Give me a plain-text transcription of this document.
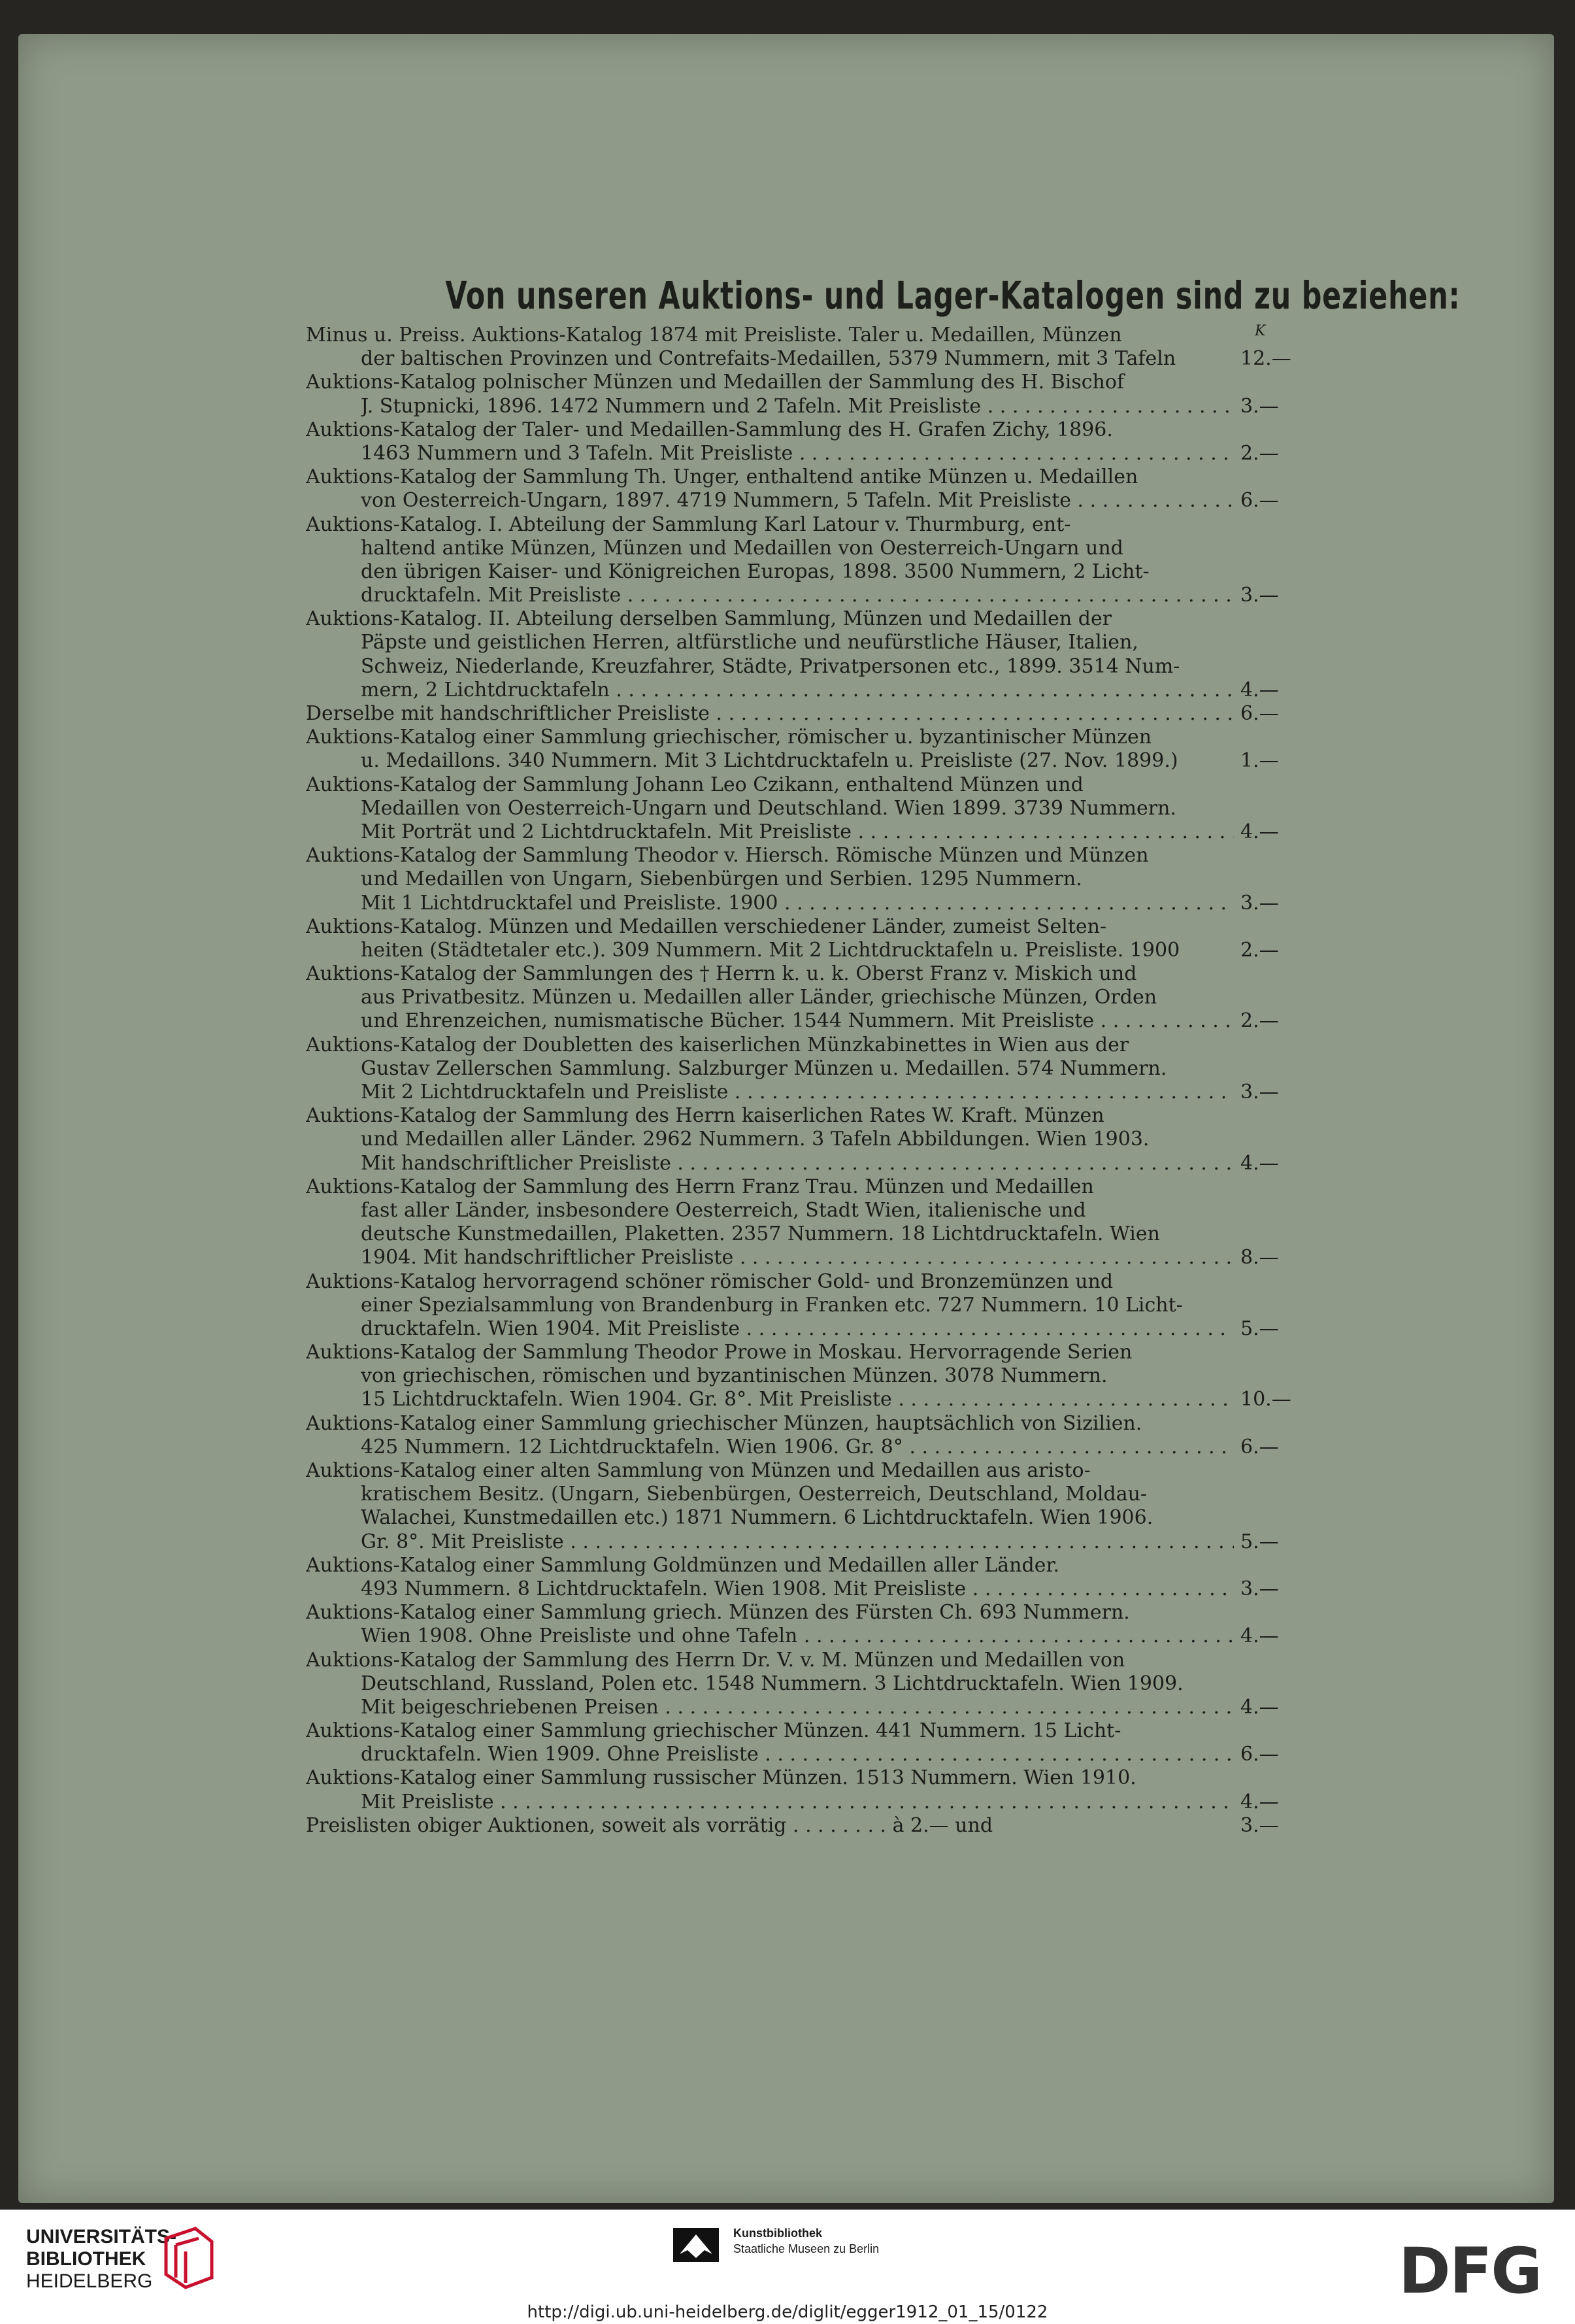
Von unseren Auktions- und Lager-Katalogen sind zu beziehen:
K
Minus u. Preiss. Auktions-Katalog 1874 mit Preisliste. Taler u. Medaillen, Münzen
der baltischen Provinzen und Contrefaits-Medaillen, 5379 Nummern, mit 3 Tafeln	12.—
Auktions-Katalog polnischer Münzen und Medaillen der Sammlung des H. Bischof
J. Stupnicki, 1896. 1472 Nummern und 2 Tafeln. Mit Preisliste . . .	3.—
Auktions-Katalog der Taler- und Medaillen-Sammlung des H. Grafen Zichy, 1896.
1463 Nummern und 3 Tafeln. Mit Preisliste . . .	2.—
Auktions-Katalog der Sammlung Th. Unger, enthaltend antike Münzen u. Medaillen
von Oesterreich-Ungarn, 1897. 4719 Nummern, 5 Tafeln. Mit Preisliste . . .	6.—
Auktions-Katalog. I. Abteilung der Sammlung Karl Latour v. Thurmburg, ent-
haltend antike Münzen, Münzen und Medaillen von Oesterreich-Ungarn und
den übrigen Kaiser- und Königreichen Europas, 1898. 3500 Nummern, 2 Licht-
drucktafeln. Mit Preisliste . . .	3.—
Auktions-Katalog. II. Abteilung derselben Sammlung, Münzen und Medaillen der
Päpste und geistlichen Herren, altfürstliche und neufürstliche Häuser, Italien,
Schweiz, Niederlande, Kreuzfahrer, Städte, Privatpersonen etc., 1899. 3514 Num-
mern, 2 Lichtdrucktafeln . . .	4.—
Derselbe mit handschriftlicher Preisliste . . .	6.—
Auktions-Katalog einer Sammlung griechischer, römischer u. byzantinischer Münzen
u. Medaillons. 340 Nummern. Mit 3 Lichtdrucktafeln u. Preisliste (27. Nov. 1899.)	1.—
Auktions-Katalog der Sammlung Johann Leo Czikann, enthaltend Münzen und
Medaillen von Oesterreich-Ungarn und Deutschland. Wien 1899. 3739 Nummern.
Mit Porträt und 2 Lichtdrucktafeln. Mit Preisliste . . .	4.—
Auktions-Katalog der Sammlung Theodor v. Hiersch. Römische Münzen und Münzen
und Medaillen von Ungarn, Siebenbürgen und Serbien. 1295 Nummern.
Mit 1 Lichtdrucktafel und Preisliste. 1900 . . .	3.—
Auktions-Katalog. Münzen und Medaillen verschiedener Länder, zumeist Selten-
heiten (Städtetaler etc.). 309 Nummern. Mit 2 Lichtdrucktafeln u. Preisliste. 1900	2.—
Auktions-Katalog der Sammlungen des † Herrn k. u. k. Oberst Franz v. Miskich und
aus Privatbesitz. Münzen u. Medaillen aller Länder, griechische Münzen, Orden
und Ehrenzeichen, numismatische Bücher. 1544 Nummern. Mit Preisliste . . .	2.—
Auktions-Katalog der Doubletten des kaiserlichen Münzkabinettes in Wien aus der
Gustav Zellerschen Sammlung. Salzburger Münzen u. Medaillen. 574 Nummern.
Mit 2 Lichtdrucktafeln und Preisliste . . .	3.—
Auktions-Katalog der Sammlung des Herrn kaiserlichen Rates W. Kraft. Münzen
und Medaillen aller Länder. 2962 Nummern. 3 Tafeln Abbildungen. Wien 1903.
Mit handschriftlicher Preisliste . . .	4.—
Auktions-Katalog der Sammlung des Herrn Franz Trau. Münzen und Medaillen
fast aller Länder, insbesondere Oesterreich, Stadt Wien, italienische und
deutsche Kunstmedaillen, Plaketten. 2357 Nummern. 18 Lichtdrucktafeln. Wien
1904. Mit handschriftlicher Preisliste . . .	8.—
Auktions-Katalog hervorragend schöner römischer Gold- und Bronzemünzen und
einer Spezialsammlung von Brandenburg in Franken etc. 727 Nummern. 10 Licht-
drucktafeln. Wien 1904. Mit Preisliste . . .	5.—
Auktions-Katalog der Sammlung Theodor Prowe in Moskau. Hervorragende Serien
von griechischen, römischen und byzantinischen Münzen. 3078 Nummern.
15 Lichtdrucktafeln. Wien 1904. Gr. 8°. Mit Preisliste . . .	10.—
Auktions-Katalog einer Sammlung griechischer Münzen, hauptsächlich von Sizilien.
425 Nummern. 12 Lichtdrucktafeln. Wien 1906. Gr. 8° . . .	6.—
Auktions-Katalog einer alten Sammlung von Münzen und Medaillen aus aristo-
kratischem Besitz. (Ungarn, Siebenbürgen, Oesterreich, Deutschland, Moldau-
Walachei, Kunstmedaillen etc.) 1871 Nummern. 6 Lichtdrucktafeln. Wien 1906.
Gr. 8°. Mit Preisliste . . .	5.—
Auktions-Katalog einer Sammlung Goldmünzen und Medaillen aller Länder.
493 Nummern. 8 Lichtdrucktafeln. Wien 1908. Mit Preisliste . . .	3.—
Auktions-Katalog einer Sammlung griech. Münzen des Fürsten Ch. 693 Nummern.
Wien 1908. Ohne Preisliste und ohne Tafeln . . .	4.—
Auktions-Katalog der Sammlung des Herrn Dr. V. v. M. Münzen und Medaillen von
Deutschland, Russland, Polen etc. 1548 Nummern. 3 Lichtdrucktafeln. Wien 1909.
Mit beigeschriebenen Preisen . . .	4.—
Auktions-Katalog einer Sammlung griechischer Münzen. 441 Nummern. 15 Licht-
drucktafeln. Wien 1909. Ohne Preisliste . . .	6.—
Auktions-Katalog einer Sammlung russischer Münzen. 1513 Nummern. Wien 1910.
Mit Preisliste . . .	4.—
Preislisten obiger Auktionen, soweit als vorrätig . . . . . . . . à 2.— und	3.—
UNIVERSITÄTS-
BIBLIOTHEK
HEIDELBERG
Kunstbibliothek
Staatliche Museen zu Berlin	DFG
http://digi.ub.uni-heidelberg.de/diglit/egger1912_01_15/0122
